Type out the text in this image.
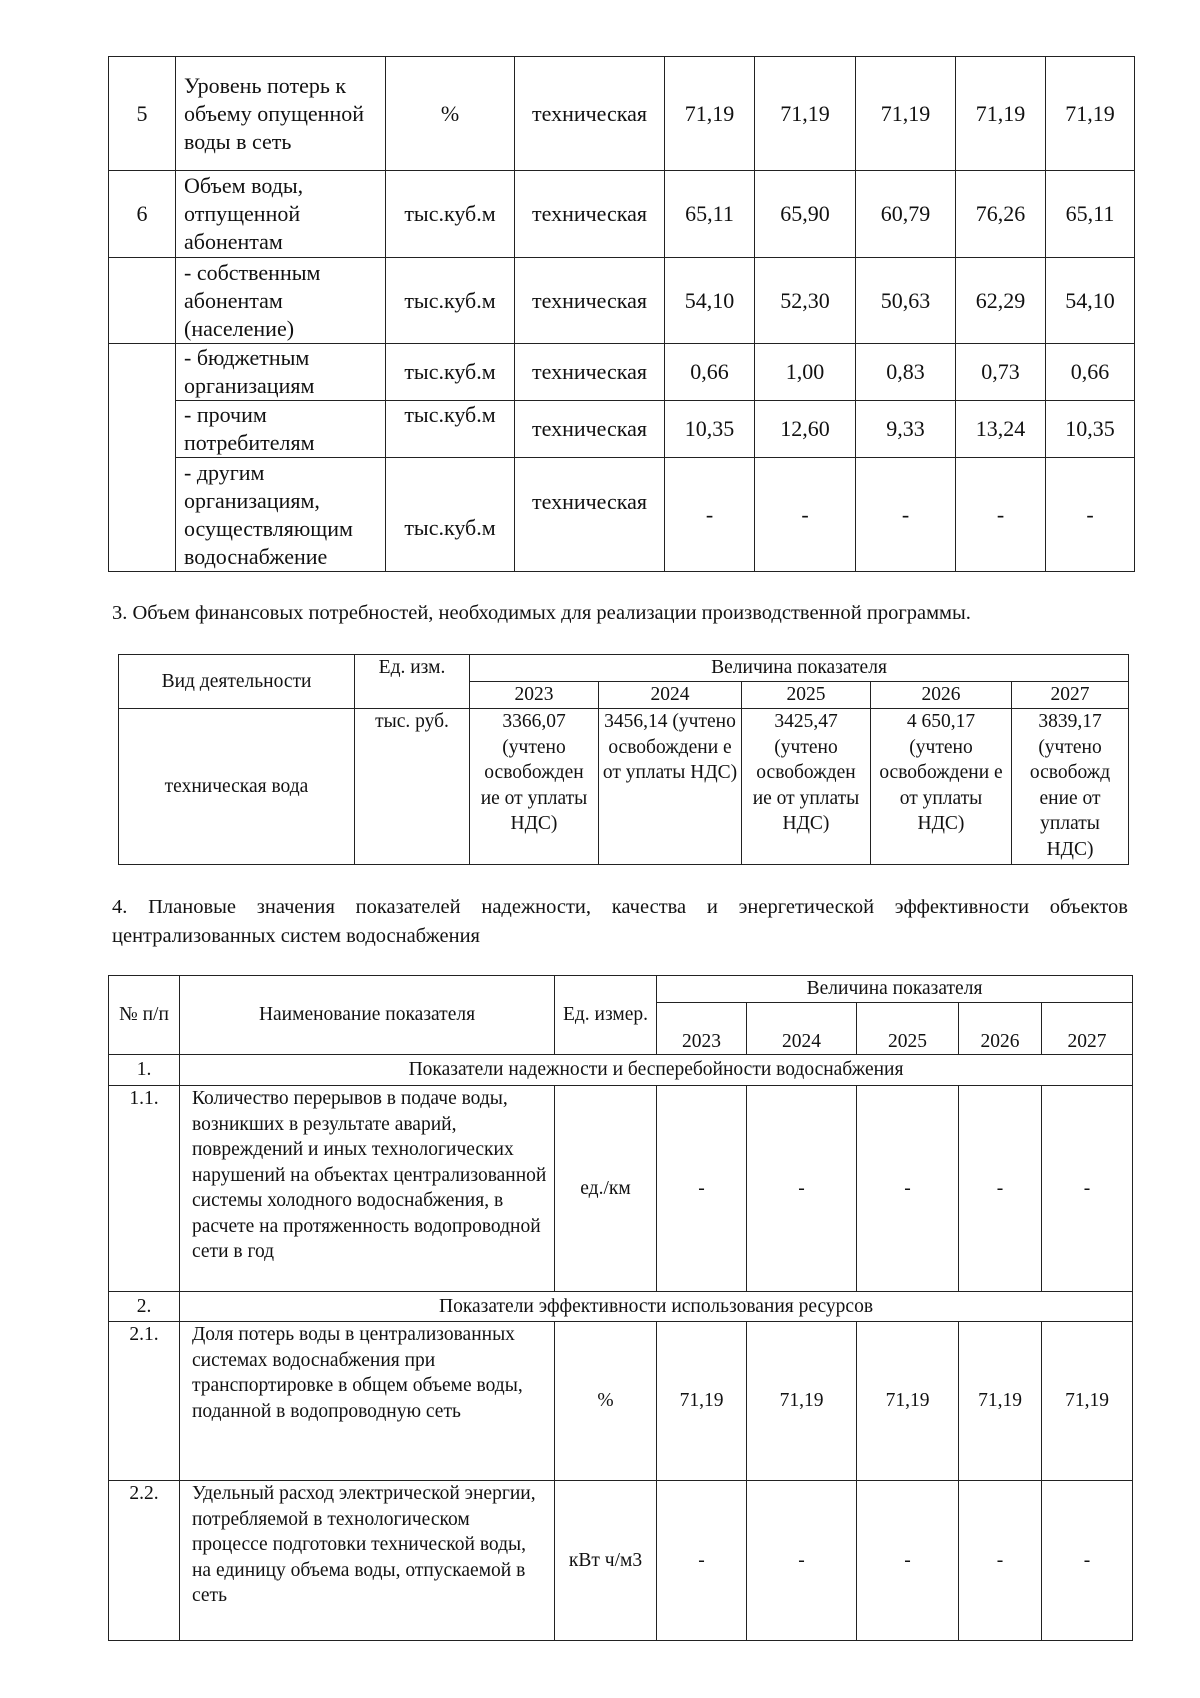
5	Уровень потерь к объему опущенной воды в сеть	%	техническая	71,19	71,19	71,19	71,19	71,19
6	Объем воды, отпущенной абонентам	тыс.куб.м	техническая	65,11	65,90	60,79	76,26	65,11
	- собственным абонентам (население)	тыс.куб.м	техническая	54,10	52,30	50,63	62,29	54,10
	- бюджетным организациям	тыс.куб.м	техническая	0,66	1,00	0,83	0,73	0,66
	- прочим потребителям	тыс.куб.м	техническая	10,35	12,60	9,33	13,24	10,35
	- другим организациям, осуществляющим водоснабжение	тыс.куб.м	техническая	-	-	-	-	-

3. Объем финансовых потребностей, необходимых для реализации производственной программы.

Вид деятельности	Ед. изм.	Величина показателя				
		2023	2024	2025	2026	2027
техническая вода	тыс. руб.	3366,07 (учтено освобожден ие от уплаты НДС)	3456,14 (учтено освобождени е от уплаты НДС)	3425,47 (учтено освобожден ие от уплаты НДС)	4 650,17 (учтено освобождени е от уплаты НДС)	3839,17 (учтено освобожд ение от уплаты НДС)

4. Плановые значения показателей надежности, качества и энергетической эффективности объектов централизованных систем водоснабжения

№ п/п	Наименование показателя	Ед. измер.	Величина показателя				
			2023	2024	2025	2026	2027
1.	Показатели надежности и бесперебойности водоснабжения						
1.1.	Количество перерывов в подаче воды, возникших в результате аварий, повреждений и иных технологических нарушений на объектах централизованной системы холодного водоснабжения, в расчете на протяженность водопроводной сети в год	ед./км	-	-	-	-	-
2.	Показатели эффективности использования ресурсов						
2.1.	Доля потерь воды в централизованных системах водоснабжения при транспортировке в общем объеме воды, поданной в водопроводную сеть	%	71,19	71,19	71,19	71,19	71,19
2.2.	Удельный расход электрической энергии, потребляемой в технологическом процессе подготовки технической воды, на единицу объема воды, отпускаемой в сеть	кВт ч/м3	-	-	-	-	-
